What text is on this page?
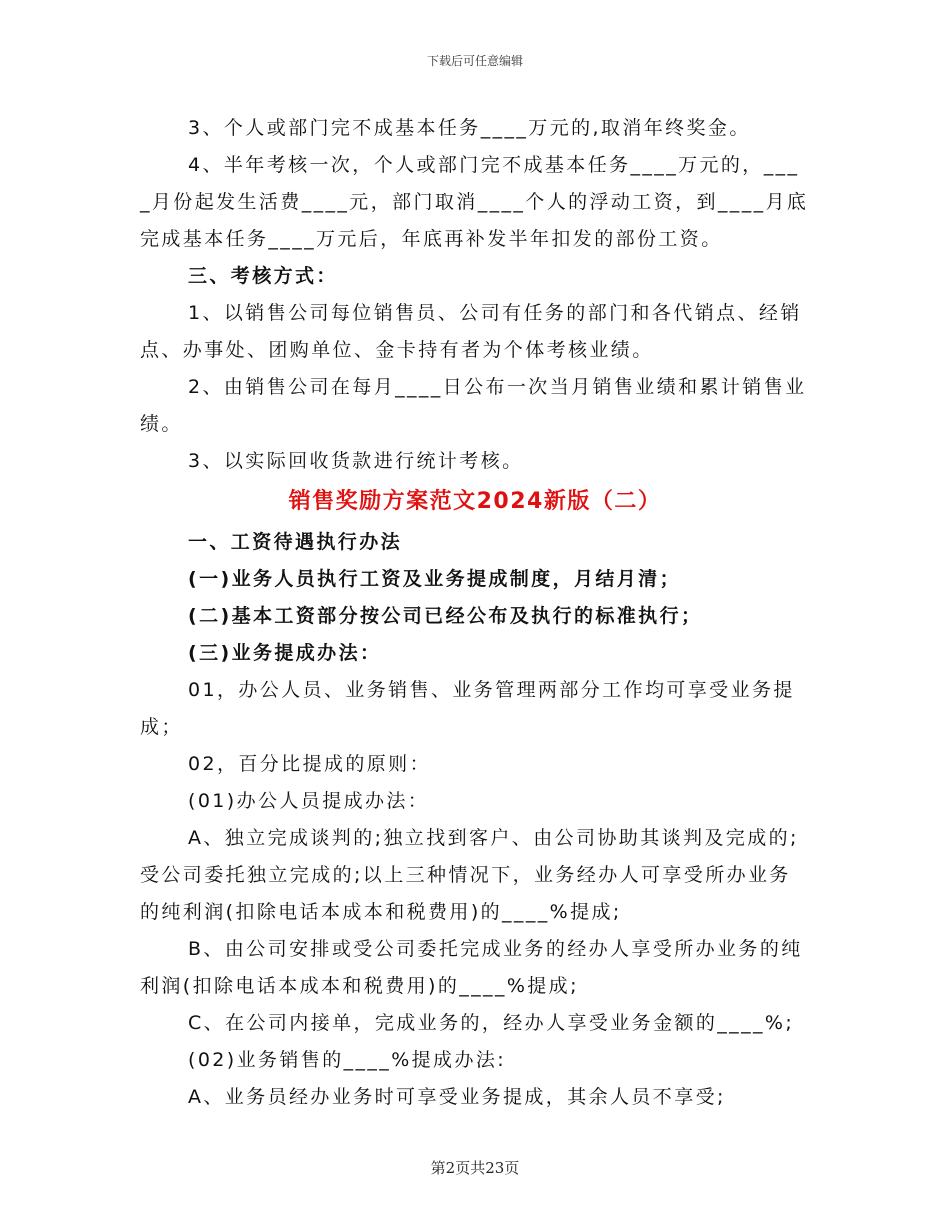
下载后可任意编辑

3、个人或部门完不成基本任务____万元的,取消年终奖金。

4、半年考核一次，个人或部门完不成基本任务____万元的，____月份起发生活费____元，部门取消____个人的浮动工资，到____月底完成基本任务____万元后，年底再补发半年扣发的部份工资。

三、考核方式：

1、以销售公司每位销售员、公司有任务的部门和各代销点、经销点、办事处、团购单位、金卡持有者为个体考核业绩。

2、由销售公司在每月____日公布一次当月销售业绩和累计销售业绩。

3、以实际回收货款进行统计考核。

销售奖励方案范文2024新版（二）

一、工资待遇执行办法

(一)业务人员执行工资及业务提成制度，月结月清；

(二)基本工资部分按公司已经公布及执行的标准执行；

(三)业务提成办法：

01，办公人员、业务销售、业务管理两部分工作均可享受业务提成；

02，百分比提成的原则：

(01)办公人员提成办法：

A、独立完成谈判的;独立找到客户、由公司协助其谈判及完成的;受公司委托独立完成的;以上三种情况下，业务经办人可享受所办业务的纯利润(扣除电话本成本和税费用)的____%提成;

B、由公司安排或受公司委托完成业务的经办人享受所办业务的纯利润(扣除电话本成本和税费用)的____%提成;

C、在公司内接单，完成业务的，经办人享受业务金额的____%;

(02)业务销售的____%提成办法:

A、业务员经办业务时可享受业务提成，其余人员不享受;

第2页共23页
